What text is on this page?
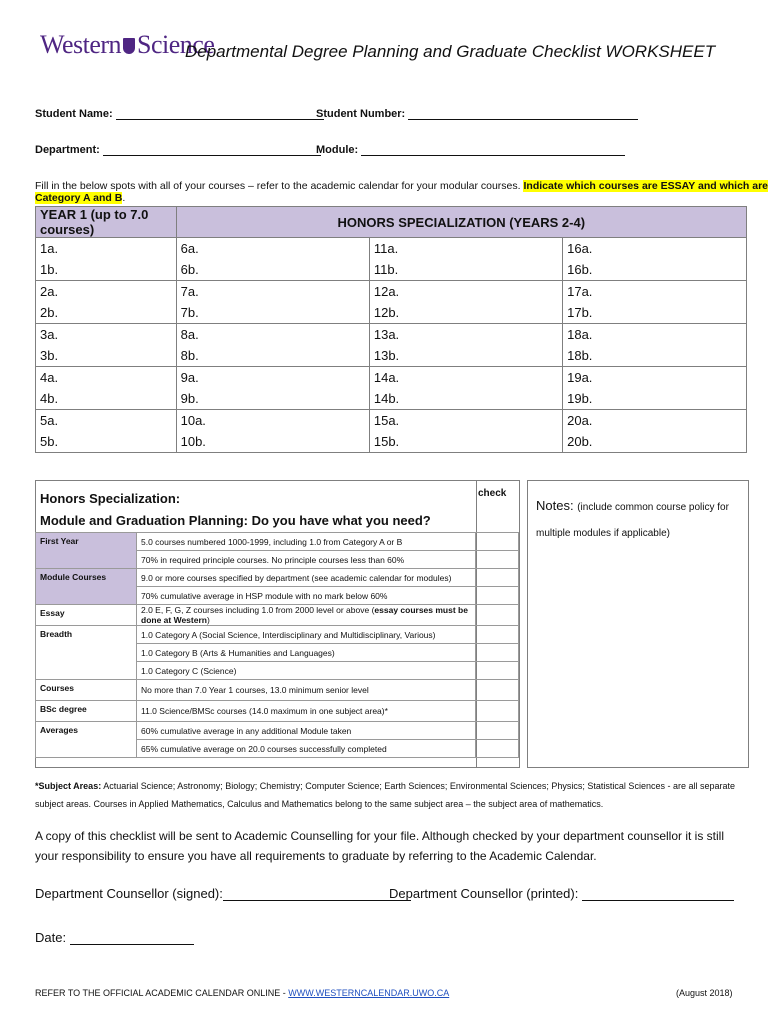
Western Science
Departmental Degree Planning and Graduate Checklist WORKSHEET
Student Name:	Student Number:
Department:	Module:
Fill in the below spots with all of your courses – refer to the academic calendar for your modular courses. Indicate which courses are ESSAY and which are Category A and B.
YEAR 1 (up to 7.0 courses)	HONORS SPECIALIZATION (YEARS 2-4)		
1a.	6a.	11a.	16a.
1b.	6b.	11b.	16b.
2a.	7a.	12a.	17a.
2b.	7b.	12b.	17b.
3a.	8a.	13a.	18a.
3b.	8b.	13b.	18b.
4a.	9a.	14a.	19a.
4b.	9b.	14b.	19b.
5a.	10a.	15a.	20a.
5b.	10b.	15b.	20b.
Honors Specialization:
Module and Graduation Planning: Do you have what you need?
check
First Year	5.0 courses numbered 1000-1999, including 1.0 from Category A or B	
	70% in required principle courses. No principle courses less than 60%	
Module Courses	9.0 or more courses specified by department (see academic calendar for modules)	
	70% cumulative average in HSP module with no mark below 60%	
Essay	2.0 E, F, G, Z courses including 1.0 from 2000 level or above (essay courses must be done at Western)	
Breadth	1.0 Category A (Social Science, Interdisciplinary and Multidisciplinary, Various)	
	1.0 Category B (Arts & Humanities and Languages)	
	1.0 Category C (Science)	
Courses	No more than 7.0 Year 1 courses, 13.0 minimum senior level	
BSc degree	11.0 Science/BMSc courses (14.0 maximum in one subject area)*	
Averages	60% cumulative average in any additional Module taken	
	65% cumulative average on 20.0 courses successfully completed	
Notes: (include common course policy for multiple modules if applicable)
*Subject Areas: Actuarial Science; Astronomy; Biology; Chemistry; Computer Science; Earth Sciences; Environmental Sciences; Physics; Statistical Sciences - are all separate subject areas. Courses in Applied Mathematics, Calculus and Mathematics belong to the same subject area – the subject area of mathematics.
A copy of this checklist will be sent to Academic Counselling for your file. Although checked by your department counsellor it is still your responsibility to ensure you have all requirements to graduate by referring to the Academic Calendar.
Department Counsellor (signed):	Department Counsellor (printed):
Date:
REFER TO THE OFFICIAL ACADEMIC CALENDAR ONLINE - WWW.WESTERNCALENDAR.UWO.CA	(August 2018)
